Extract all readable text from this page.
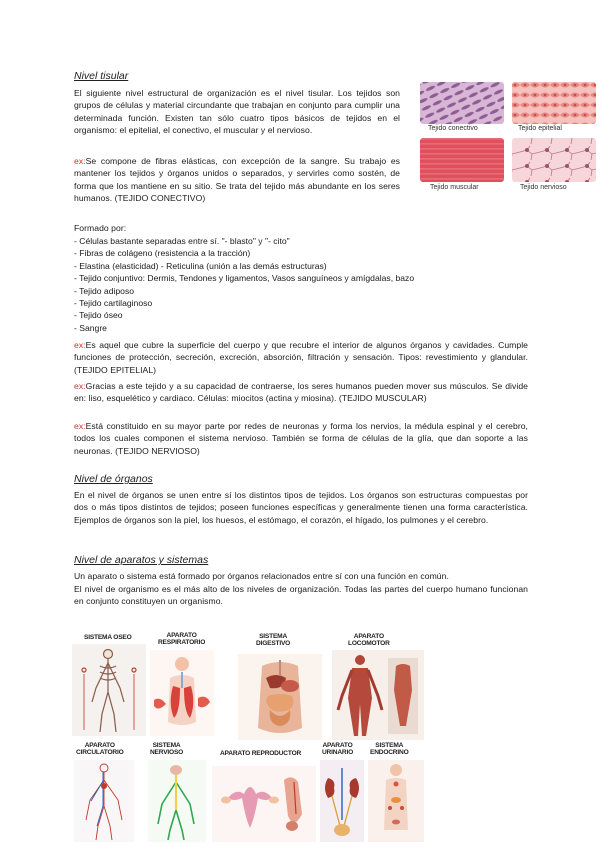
Nivel tisular
El siguiente nivel estructural de organización es el nivel tisular. Los tejidos son grupos de células y material circundante que trabajan en conjunto para cumplir una determinada función. Existen tan sólo cuatro tipos básicos de tejidos en el organismo: el epitelial, el conectivo, el muscular y el nervioso.
ex:Se compone de fibras elásticas, con excepción de la sangre. Su trabajo es mantener los tejidos y órganos unidos o separados, y servirles como sostén, de forma que los mantiene en su sitio. Se trata del tejido más abundante en los seres humanos. (TEJIDO CONECTIVO)
Tejido conectivo	Tejido epitelial
Tejido muscular	Tejido nervioso
Formado por:
- Células bastante separadas entre sí. "- blasto" y "- cito"
- Fibras de colágeno (resistencia a la tracción)
- Elastina (elasticidad) - Reticulina (unión a las demás estructuras)
- Tejido conjuntivo: Dermis, Tendones y ligamentos, Vasos sanguíneos y amígdalas, bazo
- Tejido adiposo
- Tejido cartilaginoso
- Tejido óseo
- Sangre
ex:Es aquel que cubre la superficie del cuerpo y que recubre el interior de algunos órganos y cavidades. Cumple funciones de protección, secreción, excreción, absorción, filtración y sensación. Tipos: revestimiento y glandular.(TEJIDO EPITELIAL)
ex:Gracias a este tejido y a su capacidad de contraerse, los seres humanos pueden mover sus músculos. Se divide en: liso, esquelético y cardiaco. Células: miocitos (actina y miosina). (TEJIDO MUSCULAR)
ex:Está constituido en su mayor parte por redes de neuronas y forma los nervios, la médula espinal y el cerebro, todos los cuales componen el sistema nervioso. También se forma de células de la glía, que dan soporte a las neuronas. (TEJIDO NERVIOSO)
Nivel de órganos
En el nivel de órganos se unen entre sí los distintos tipos de tejidos. Los órganos son estructuras compuestas por dos o más tipos distintos de tejidos; poseen funciones específicas y generalmente tienen una forma característica. Ejemplos de órganos son la piel, los huesos, el estómago, el corazón, el hígado, los pulmones y el cerebro.
Nivel de aparatos y sistemas
Un aparato o sistema está formado por órganos relacionados entre sí con una función en común.
El nivel de organismo es el más alto de los niveles de organización. Todas las partes del cuerpo humano funcionan en conjunto constituyen un organismo.
SISTEMA OSEO	APARATO
RESPIRATORIO
SISTEMA
DIGESTIVO
APARATO
LOCOMOTOR
APARATO
CIRCULATORIO
SISTEMA
NERVIOSO	APARATO REPRODUCTOR
APARATO
URINARIO
SISTEMA
ENDOCRINO
